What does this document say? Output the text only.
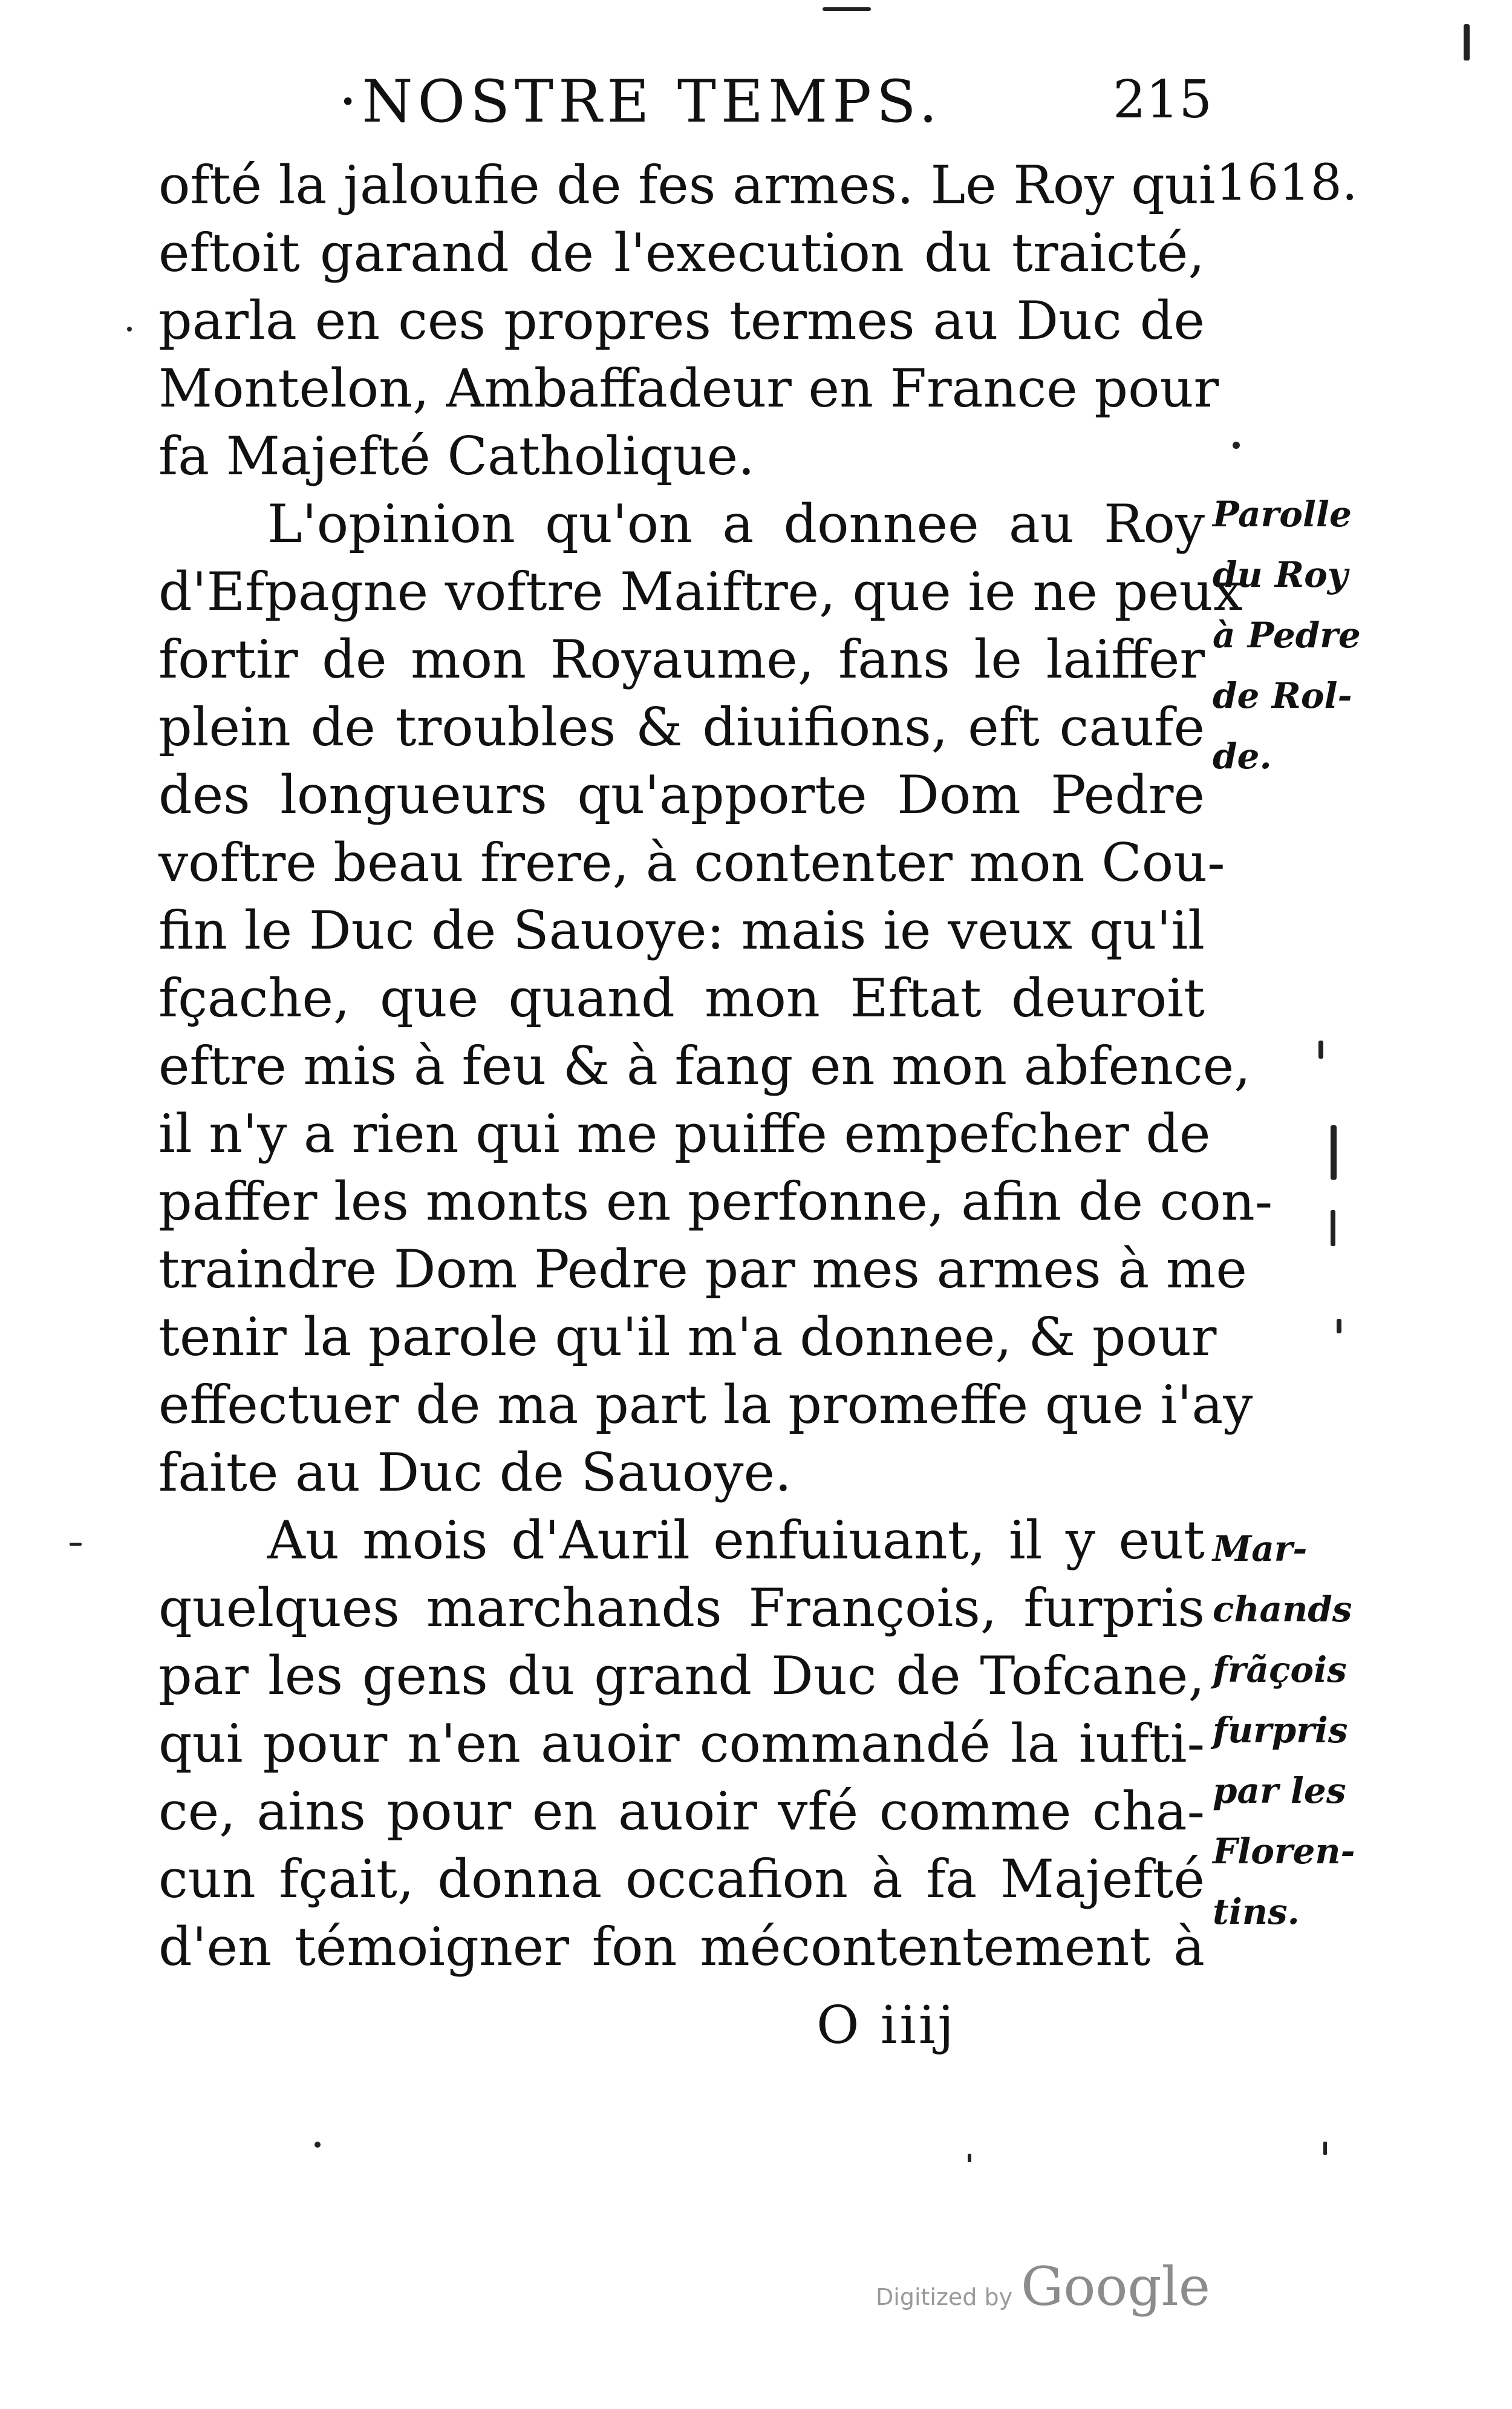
·NOSTRE TEMPS.	215
1618.
ofté la jaloufie de fes armes. Le Roy qui
eftoit garand de l'execution du traicté,
parla en ces propres termes au Duc de
Montelon, Ambaffadeur en France pour
fa Majefté Catholique.
L'opinion qu'on a donnee au Roy
d'Efpagne voftre Maiftre, que ie ne peux
fortir de mon Royaume, fans le laiffer
plein de troubles & diuifions, eft caufe
des longueurs qu'apporte Dom Pedre
voftre beau frere, à contenter mon Cou-
fin le Duc de Sauoye: mais ie veux qu'il
fçache, que quand mon Eftat deuroit
eftre mis à feu & à fang en mon abfence,
il n'y a rien qui me puiffe empefcher de
paffer les monts en perfonne, afin de con-
traindre Dom Pedre par mes armes à me
tenir la parole qu'il m'a donnee, & pour
effectuer de ma part la promeffe que i'ay
faite au Duc de Sauoye.
Au mois d'Auril enfuiuant, il y eut
quelques marchands François, furpris
par les gens du grand Duc de Tofcane,
qui pour n'en auoir commandé la iufti-
ce, ains pour en auoir vfé comme cha-
cun fçait, donna occafion à fa Majefté
d'en témoigner fon mécontentement à
Parolle
du Roy
à Pedre
de Rol-
de.
Mar-
chands
frãçois
furpris
par les
Floren-
tins.
O iiij
Digitized by Google
